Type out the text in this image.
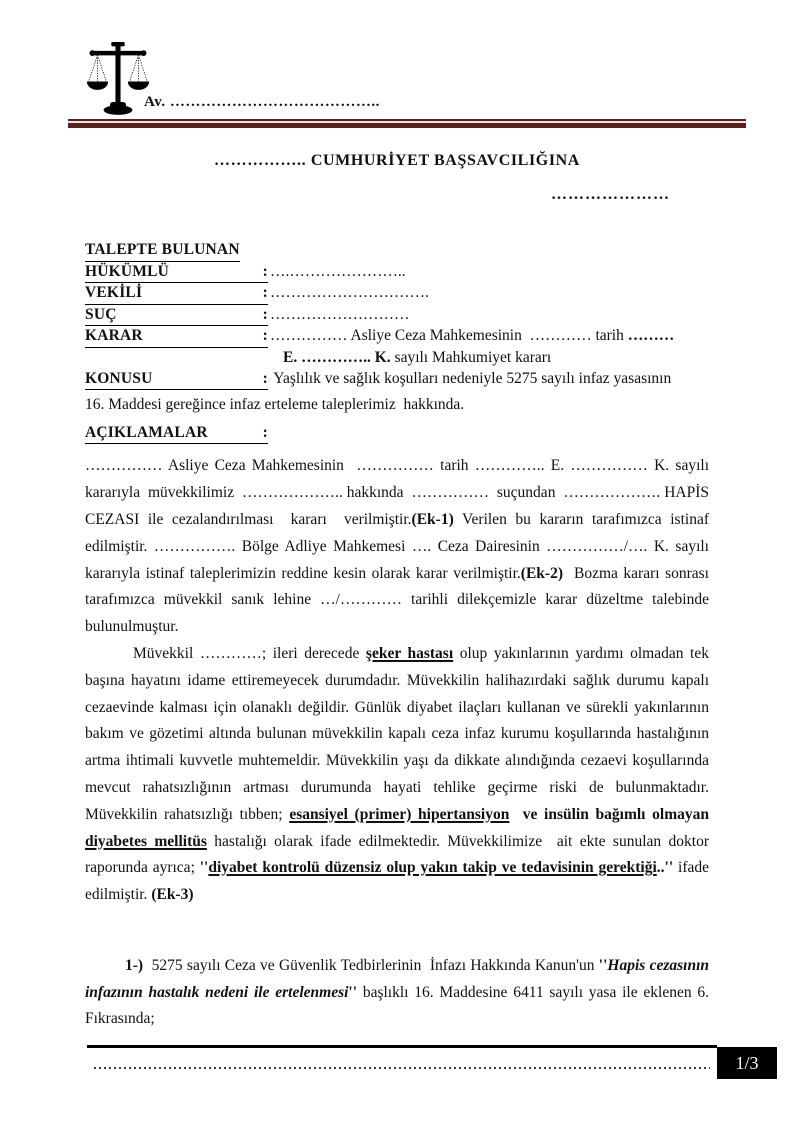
Av. …………………………………..
…………….. CUMHURİYET BAŞSAVCILIĞINA
…………………
TALEPTE BULUNAN
HÜKÜMLÜ	: ….…………………..
VEKİLİ	: ………………………….
SUÇ	: ………………………
KARAR	: …………… Asliye Ceza Mahkemesinin  ………… tarih ………
E. ………….. K. sayılı Mahkumiyet kararı
KONUSU	: Yaşlılık ve sağlık koşulları nedeniyle 5275 sayılı infaz yasasının
16. Maddesi gereğince infaz erteleme taleplerimiz  hakkında.
AÇIKLAMALAR	:
…………… Asliye Ceza Mahkemesinin  …………… tarih ………….. E. …………… K. sayılı kararıyla  müvekkilimiz  ……………….. hakkında  ……………  suçundan  ………………. HAPİS CEZASI ile cezalandırılması  kararı  verilmiştir.(Ek-1) Verilen bu kararın tarafımızca istinaf edilmiştir. ……………. Bölge Adliye Mahkemesi …. Ceza Dairesinin ……………/…. K. sayılı kararıyla istinaf taleplerimizin reddine kesin olarak karar verilmiştir.(Ek-2)  Bozma kararı sonrası tarafımızca müvekkil sanık lehine …/………… tarihli dilekçemizle karar düzeltme talebinde bulunulmuştur.
Müvekkil …………; ileri derecede şeker hastası olup yakınlarının yardımı olmadan tek başına hayatını idame ettiremeyecek durumdadır. Müvekkilin halihazırdaki sağlık durumu kapalı cezaevinde kalması için olanaklı değildir. Günlük diyabet ilaçları kullanan ve sürekli yakınlarının bakım ve gözetimi altında bulunan müvekkilin kapalı ceza infaz kurumu koşullarında hastalığının artma ihtimali kuvvetle muhtemeldir. Müvekkilin yaşı da dikkate alındığında cezaevi koşullarında mevcut rahatsızlığının artması durumunda hayati tehlike geçirme riski de bulunmaktadır. Müvekkilin rahatsızlığı tıbben; esansiyel (primer) hipertansiyon ve insülin bağımlı olmayan diyabetes mellitüs hastalığı olarak ifade edilmektedir. Müvekkilimize  ait ekte sunulan doktor raporunda ayrıca; ''diyabet kontrolü düzensiz olup yakın takip ve tedavisinin gerektiği..'' ifade edilmiştir. (Ek-3)
1-)  5275 sayılı Ceza ve Güvenlik Tedbirlerinin  İnfazı Hakkında Kanun'un ''Hapis cezasının infazının hastalık nedeni ile ertelenmesi'' başlıklı 16. Maddesine 6411 sayılı yasa ile eklenen 6. Fıkrasında;
1/3
